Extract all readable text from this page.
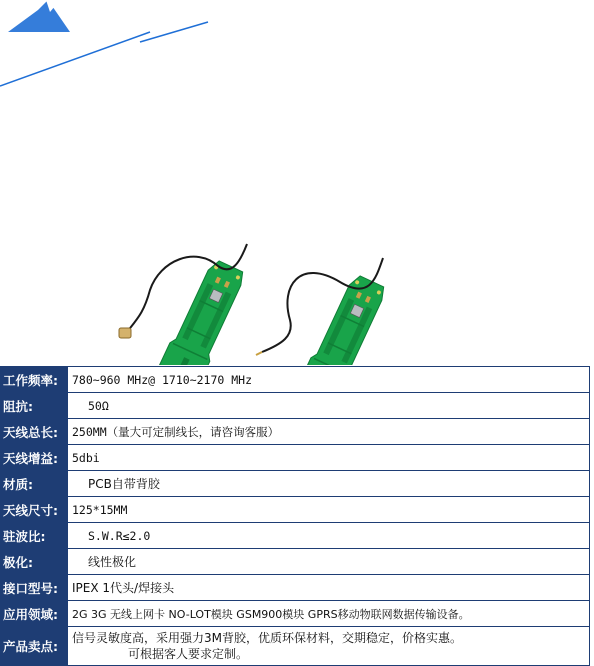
工作频率:	780~960 MHz@ 1710~2170 MHz
阻抗:	50Ω
天线总长:	250MM（量大可定制线长，请咨询客服）
天线增益:	5dbi
材质:	PCB自带背胶
天线尺寸:	125*15MM
驻波比:	S.W.R≤2.0
极化:	线性极化
接口型号:	IPEX 1代头/焊接头
应用领域:	2G 3G 无线上网卡 NO-LOT模块 GSM900模块 GPRS移动物联网数据传输设备。
产品卖点:	信号灵敏度高，采用强力3M背胶，优质环保材料，交期稳定，价格实惠。
可根据客人要求定制。
